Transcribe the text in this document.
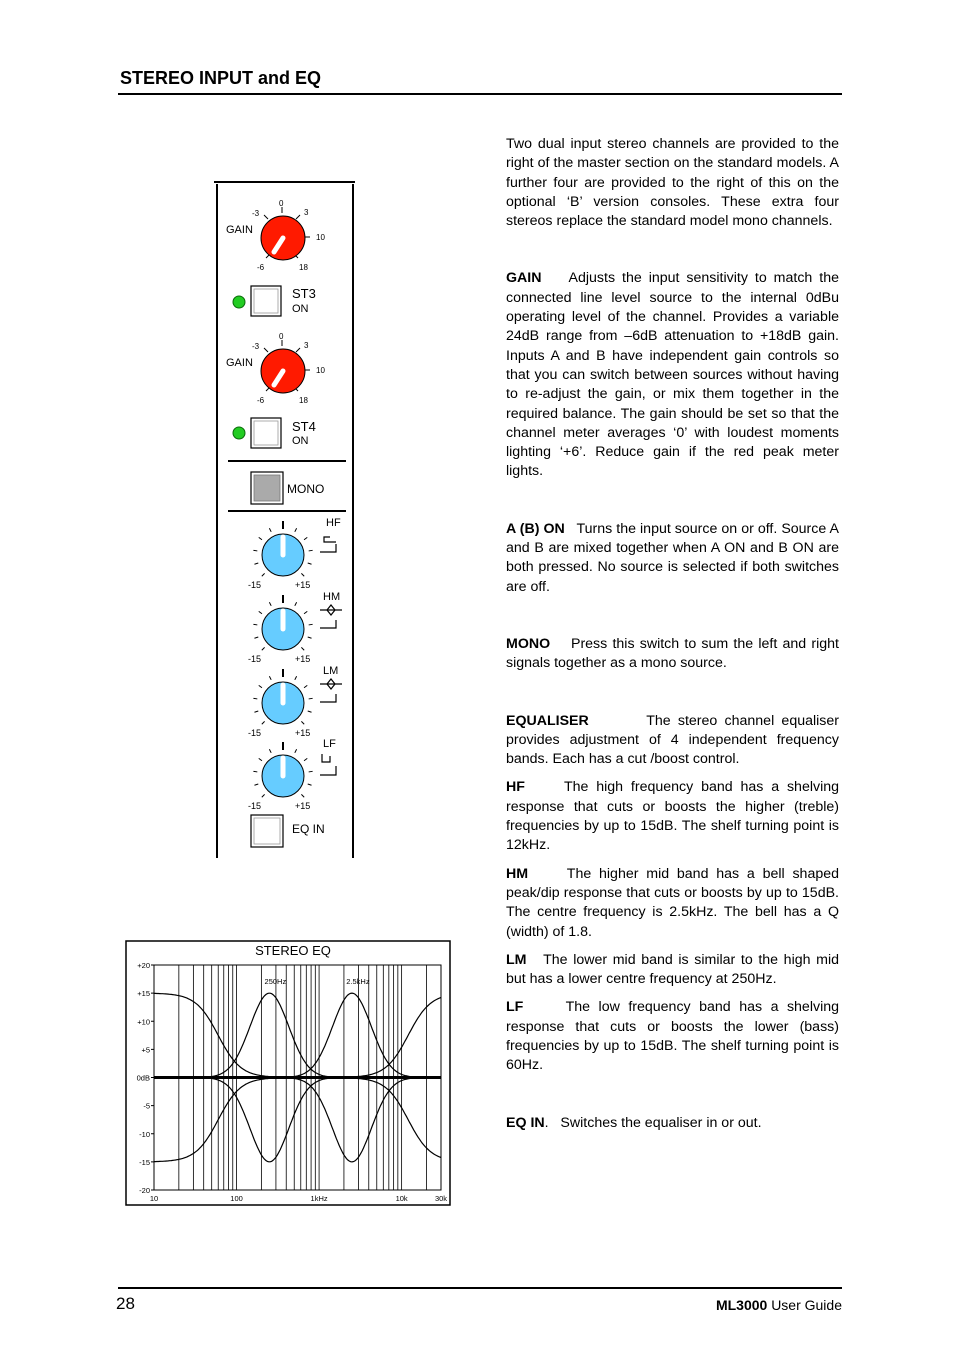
STEREO INPUT and EQ
GAIN
-3
0
3
10
-6	18
ST3
ON
GAIN
-3
0
3
10
-6	18
ST4
ON
MONO
-15	+15
HF
-15	+15
HM
-15	+15
LM
-15	+15
LF
EQ IN
STEREO EQ
+20
+15
+10
+5
0dB
-5
-10
-15
-20
10	100	1kHz	10k	30k
250Hz	2.5kHz

Two dual input stereo channels are provided to the right of the master section on the standard models. A further four are provided to the right of this on the optional ‘B’ version consoles. These extra four stereos replace the standard model mono channels.

GAIN Adjusts the input sensitivity to match the connected line level source to the internal 0dBu operating level of the channel. Provides a variable 24dB range from –6dB attenuation to +18dB gain. Inputs A and B have independent gain controls so that you can switch between sources without having to re-adjust the gain, or mix them together in the required balance. The gain should be set so that the channel meter averages ‘0’ with loudest moments lighting ‘+6’. Reduce gain if the red peak meter lights.

A (B) ON Turns the input source on or off. Source A and B are mixed together when A ON and B ON are both pressed. No source is selected if both switches are off.

MONO Press this switch to sum the left and right signals together as a mono source.

EQUALISER	The stereo channel equaliser provides adjustment of 4 independent frequency bands. Each has a cut /boost control.

HF	The high frequency band has a shelving response that cuts or boosts the higher (treble) frequencies by up to 15dB. The shelf turning point is 12kHz.

HM	The higher mid band has a bell shaped peak/dip response that cuts or boosts by up to 15dB. The centre frequency is 2.5kHz. The bell has a Q (width) of 1.8.

LM The lower mid band is similar to the high mid but has a lower centre frequency at 250Hz.

LF	The low frequency band has a shelving response that cuts or boosts the lower (bass) frequencies by up to 15dB. The shelf turning point is 60Hz.

EQ IN.   Switches the equaliser in or out.

28	ML3000 User Guide
